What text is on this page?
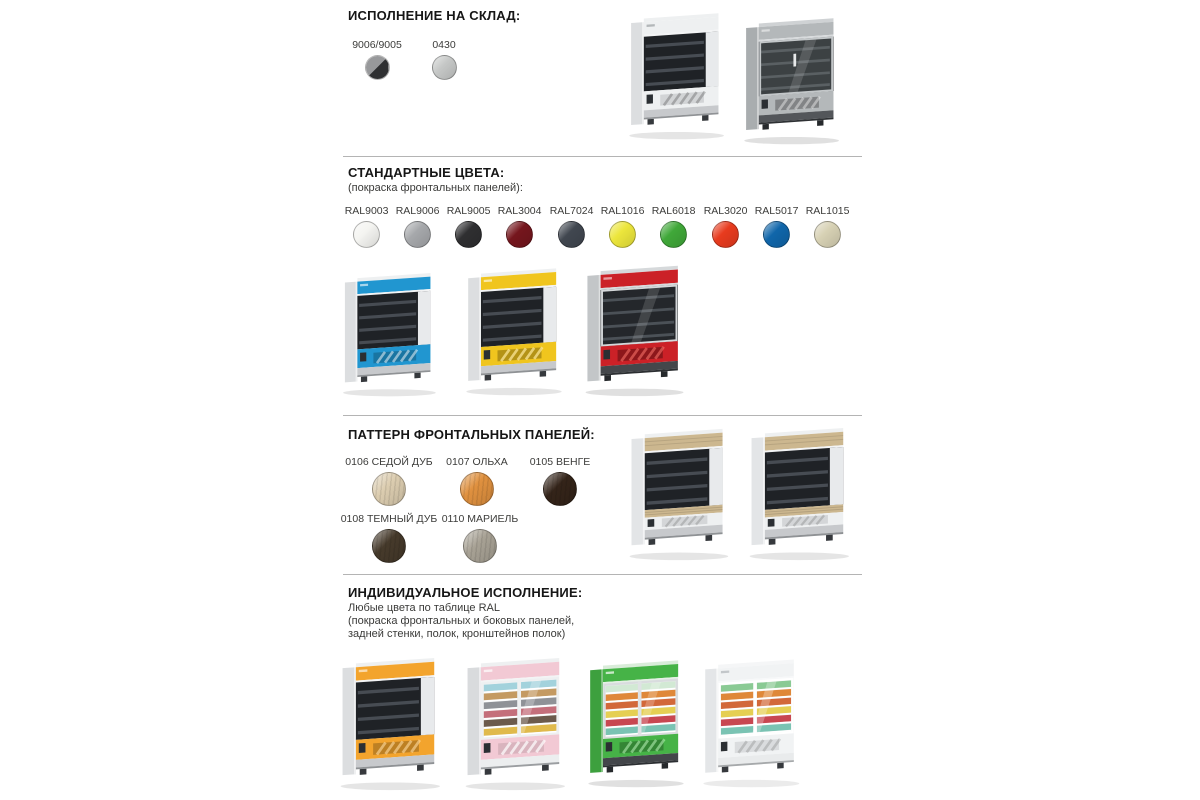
ИСПОЛНЕНИЕ НА СКЛАД:
9006/9005	0430
СТАНДАРТНЫЕ ЦВЕТА:
(покраска фронтальных панелей):
RAL9003 RAL9006 RAL9005 RAL3004 RAL7024 RAL1016 RAL6018 RAL3020 RAL5017 RAL1015
ПАТТЕРН ФРОНТАЛЬНЫХ ПАНЕЛЕЙ:
0106 СЕДОЙ ДУБ 0107 ОЛЬХА 0105 ВЕНГЕ
0108 ТЕМНЫЙ ДУБ 0110 МАРИЕЛЬ
ИНДИВИДУАЛЬНОЕ ИСПОЛНЕНИЕ:
Любые цвета по таблице RAL
(покраска фронтальных и боковых панелей,
задней стенки, полок, кронштейнов полок)
